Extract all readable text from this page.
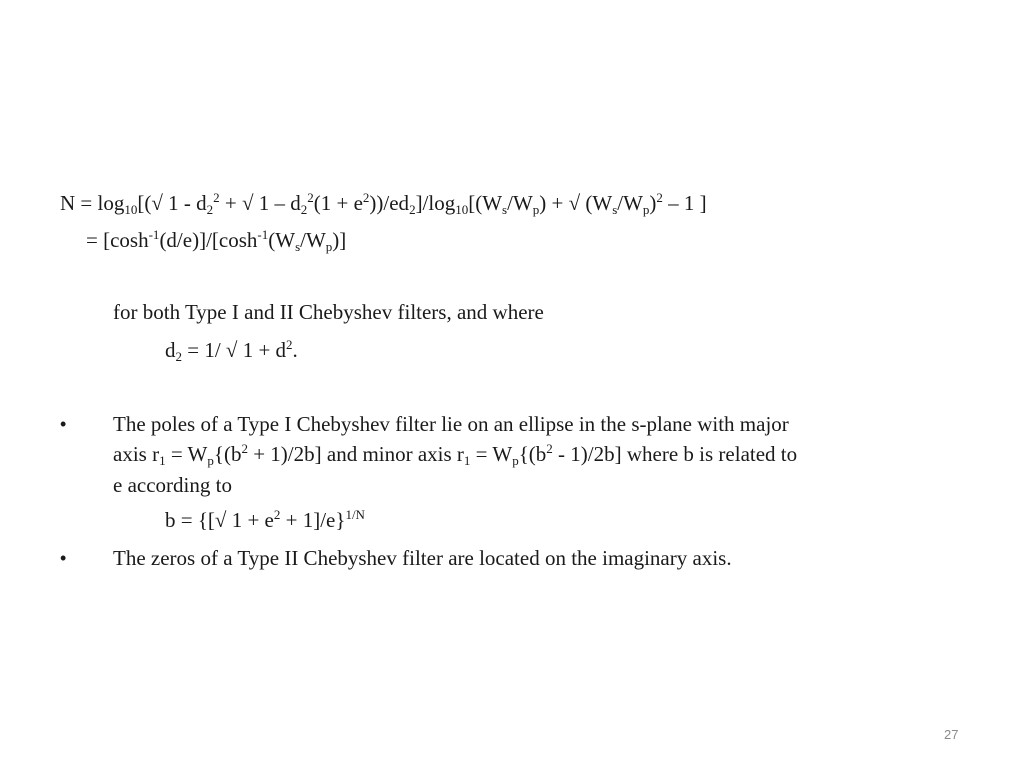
$N = \log_{10}[(√$ $1 - d_2^2$ + √ $1 - d_2^2(1 + e^2))/ed_2]/\log_{10}[(W_s/W_p)$ + √ $(W_s/W_p)^2 - 1$ ]
= $[\cosh^{-1}(d/e)]/[\cosh^{-1}(W_s/W_p)]$
for both Type I and II Chebyshev filters, and where
$d_2 = 1/$ √ $1 + d^2$.
• The poles of a Type I Chebyshev filter lie on an ellipse in the s-plane with major
axis $r_1 = W_p\{(b^2 + 1)/2b]$ and minor axis $r_1 = W_p\{(b^2 - 1)/2b]$ where b is related to
e according to
b = {[√ $1 + e^2 + 1]/e\}^{1/N}$
• The zeros of a Type II Chebyshev filter are located on the imaginary axis.
27
